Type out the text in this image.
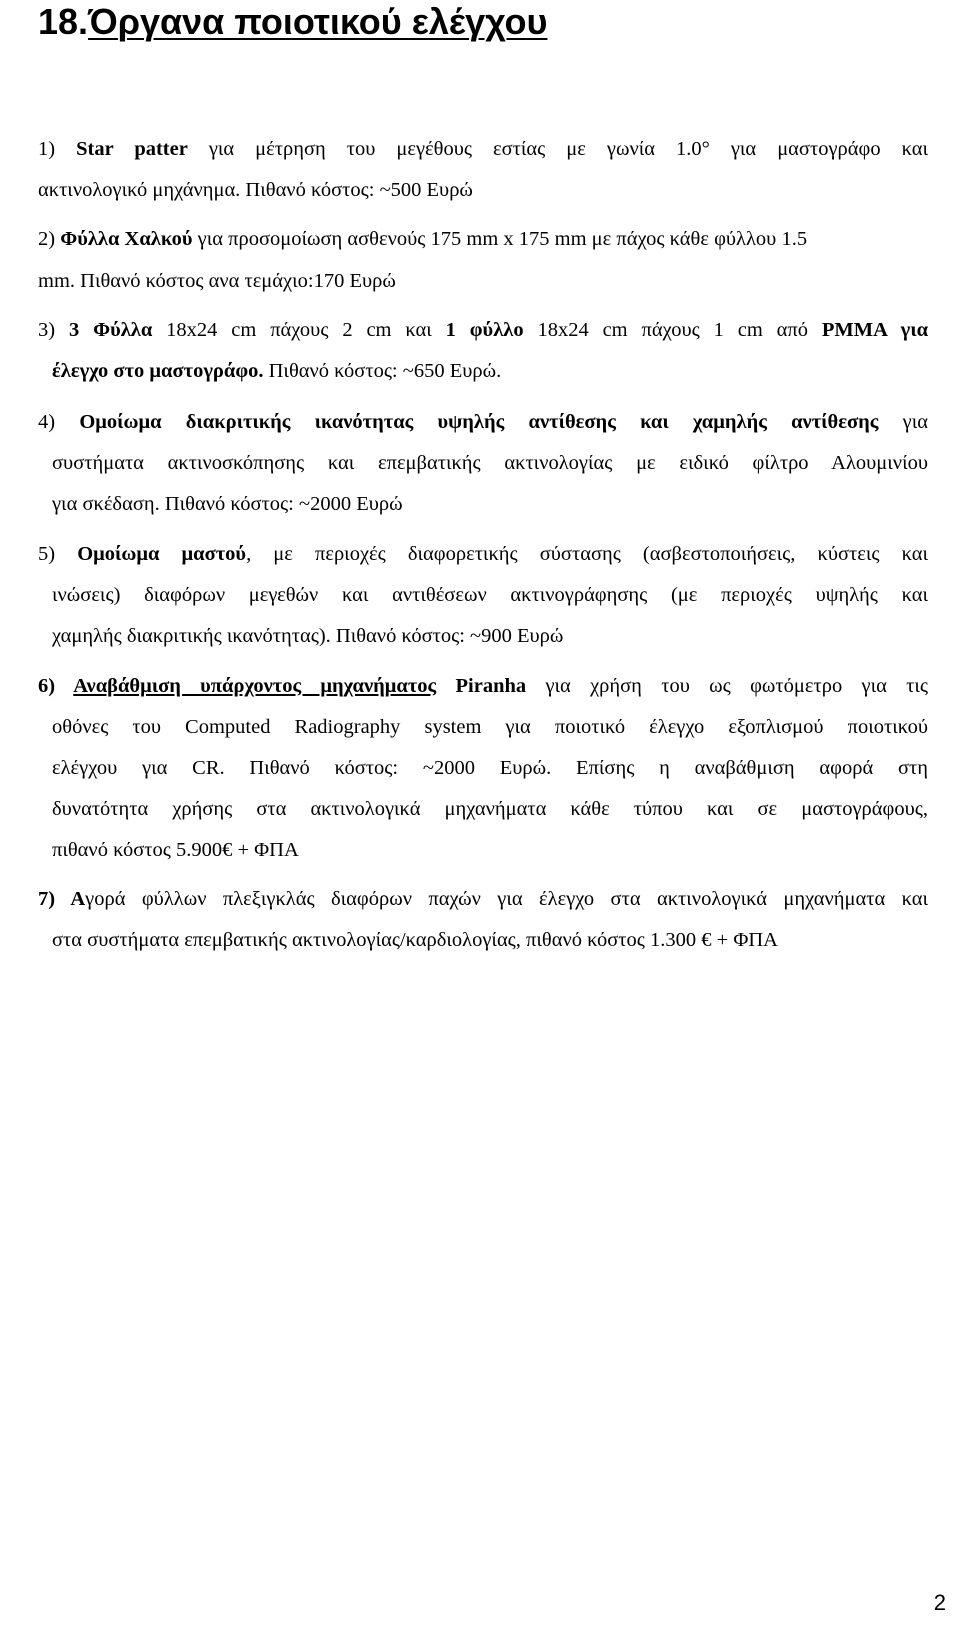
18.Όργανα ποιοτικού ελέγχου
1) Star patter για μέτρηση του μεγέθους εστίας με γωνία 1.0° για μαστογράφο και
ακτινολογικό μηχάνημα. Πιθανό κόστος: ~500 Ευρώ
2) Φύλλα Χαλκού για προσομοίωση ασθενούς 175 mm x 175 mm με πάχος κάθε φύλλου 1.5
mm. Πιθανό κόστος ανα τεμάχιο:170 Ευρώ
3) 3 Φύλλα 18x24 cm πάχους 2 cm και 1 φύλλο 18x24 cm πάχους 1 cm από PMMA για
έλεγχο στο μαστογράφο. Πιθανό κόστος: ~650 Ευρώ.
4) Ομοίωμα διακριτικής ικανότητας υψηλής αντίθεσης και χαμηλής αντίθεσης για
συστήματα ακτινοσκόπησης και επεμβατικής ακτινολογίας με ειδικό φίλτρο Αλουμινίου
για σκέδαση. Πιθανό κόστος: ~2000 Ευρώ
5) Ομοίωμα μαστού, με περιοχές διαφορετικής σύστασης (ασβεστοποιήσεις, κύστεις και
ινώσεις) διαφόρων μεγεθών και αντιθέσεων ακτινογράφησης (με περιοχές υψηλής και
χαμηλής διακριτικής ικανότητας). Πιθανό κόστος: ~900 Ευρώ
6) Αναβάθμιση υπάρχοντος μηχανήματος Piranha για χρήση του ως φωτόμετρο για τις
οθόνες του Computed Radiography system για ποιοτικό έλεγχο εξοπλισμού ποιοτικού
ελέγχου για CR. Πιθανό κόστος: ~2000 Ευρώ. Επίσης η αναβάθμιση αφορά στη
δυνατότητα χρήσης στα ακτινολογικά μηχανήματα κάθε τύπου και σε μαστογράφους,
πιθανό κόστος 5.900€ + ΦΠΑ
7) Αγορά φύλλων πλεξιγκλάς διαφόρων παχών για έλεγχο στα ακτινολογικά μηχανήματα και
στα συστήματα επεμβατικής ακτινολογίας/καρδιολογίας, πιθανό κόστος 1.300 € + ΦΠΑ
2
